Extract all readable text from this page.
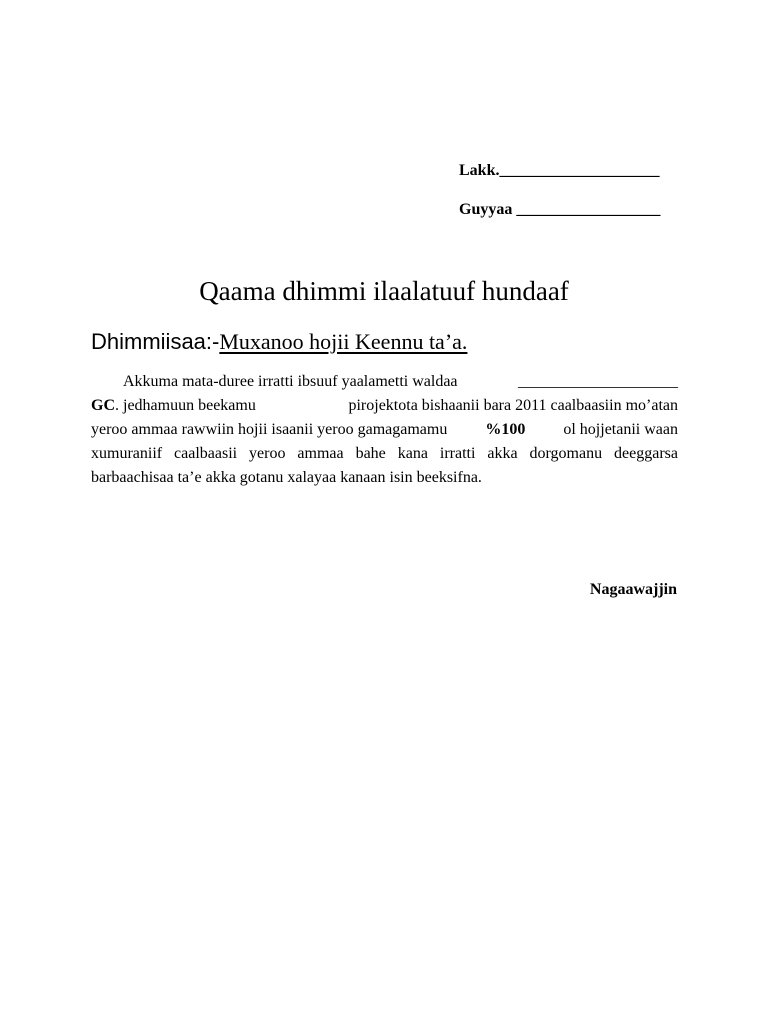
Lakk.____________________
Guyyaa __________________
Qaama dhimmi ilaalatuuf hundaaf
Dhimmiisaa:-Muxanoo hojii Keennu ta’a.
Akkuma mata-duree irratti ibsuuf yaalametti waldaa	____________________
GC. jedhamuun beekamu	pirojektota bishaanii bara 2011 caalbaasiin mo’atan
yeroo ammaa rawwiin hojii isaanii yeroo gamagamamu %100 ol hojjetanii waan
xumuraniif caalbaasii yeroo ammaa bahe kana irratti akka dorgomanu deeggarsa
barbaachisaa ta’e akka gotanu xalayaa kanaan isin beeksifna.
Nagaawajjin
